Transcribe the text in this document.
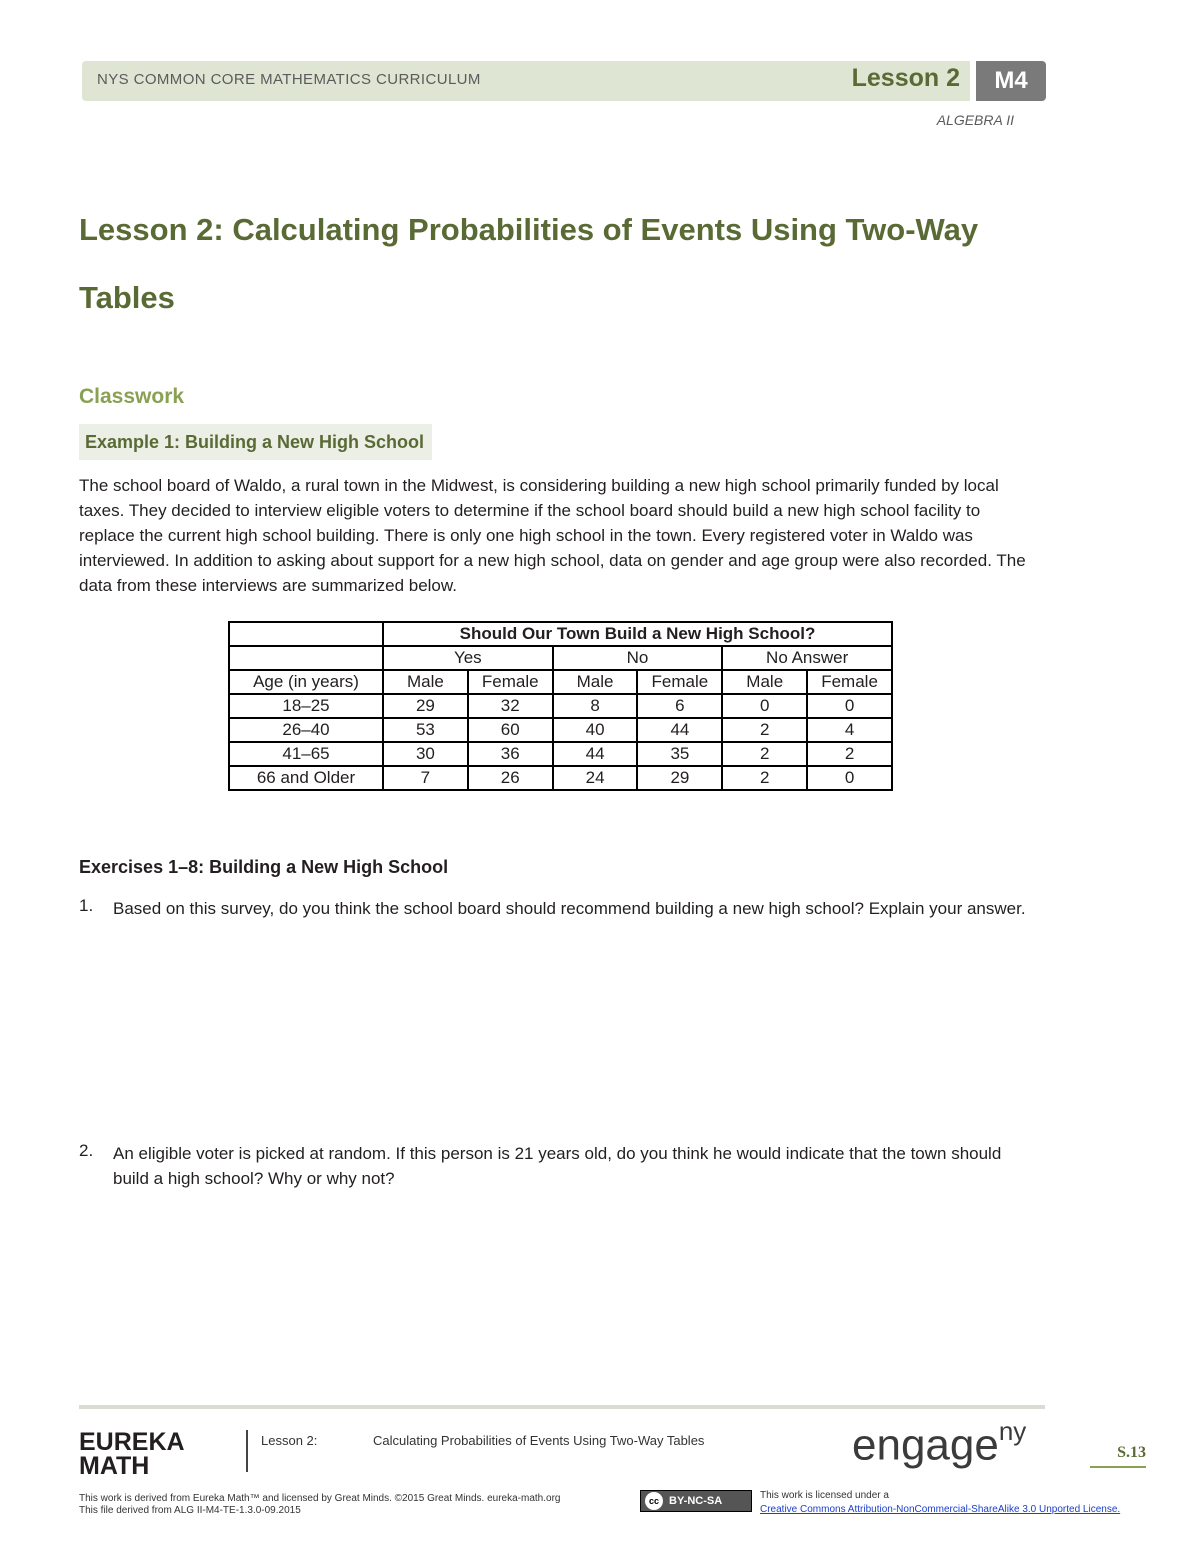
NYS COMMON CORE MATHEMATICS CURRICULUM	Lesson 2	M4
ALGEBRA II
Lesson 2: Calculating Probabilities of Events Using Two-Way
Tables
Classwork
Example 1: Building a New High School

The school board of Waldo, a rural town in the Midwest, is considering building a new high school primarily funded by local taxes. They decided to interview eligible voters to determine if the school board should build a new high school facility to replace the current high school building. There is only one high school in the town. Every registered voter in Waldo was interviewed. In addition to asking about support for a new high school, data on gender and age group were also recorded. The data from these interviews are summarized below.

	Should Our Town Build a New High School?					
	Yes		No		No Answer	
Age (in years)	Male	Female	Male	Female	Male	Female
18–25	29	32	8	6	0	0
26–40	53	60	40	44	2	4
41–65	30	36	44	35	2	2
66 and Older	7	26	24	29	2	0
Exercises 1–8: Building a New High School
1. Based on this survey, do you think the school board should recommend building a new high school? Explain your answer.

2. An eligible voter is picked at random. If this person is 21 years old, do you think he would indicate that the town should build a high school? Why or why not?

EUREKA
MATH
Lesson 2:	Calculating Probabilities of Events Using Two-Way Tables	engage$^{ny}$
S.13
This work is derived from Eureka Math™ and licensed by Great Minds. ©2015 Great Minds. eureka-math.org
This file derived from ALG II-M4-TE-1.3.0-09.2015
cc BY-NC-SA	This work is licensed under a
Creative Commons Attribution-NonCommercial-ShareAlike 3.0 Unported License.
